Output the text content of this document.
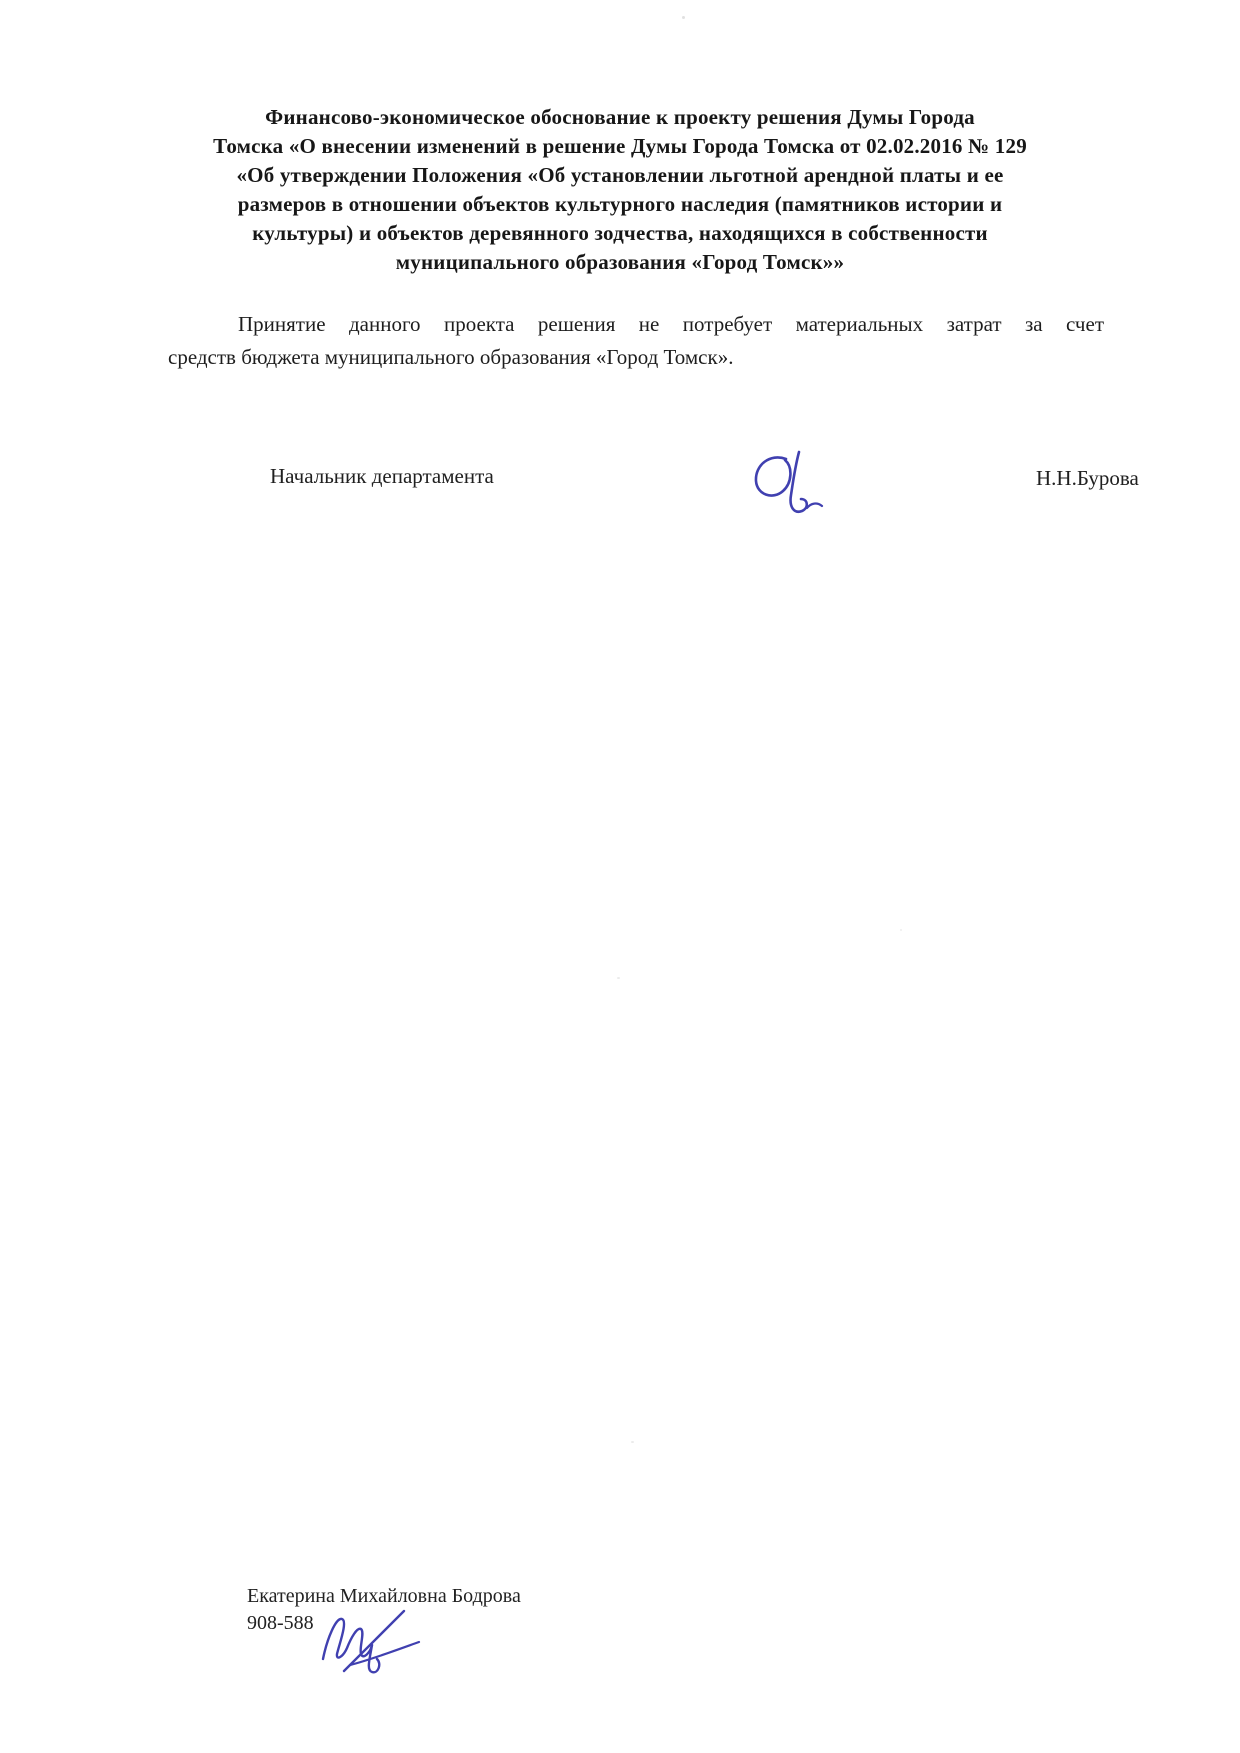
Финансово-экономическое обоснование к проекту решения Думы Города
Томска «О внесении изменений в решение Думы Города Томска от 02.02.2016 № 129
«Об утверждении Положения «Об установлении льготной арендной платы и ее
размеров в отношении объектов культурного наследия (памятников истории и
культуры) и объектов деревянного зодчества, находящихся в собственности
муниципального образования «Город Томск»»
Принятие данного проекта решения не потребует материальных затрат за счет
средств бюджета муниципального образования «Город Томск».
Начальник департамента	Н.Н.Бурова
Екатерина Михайловна Бодрова
908-588
